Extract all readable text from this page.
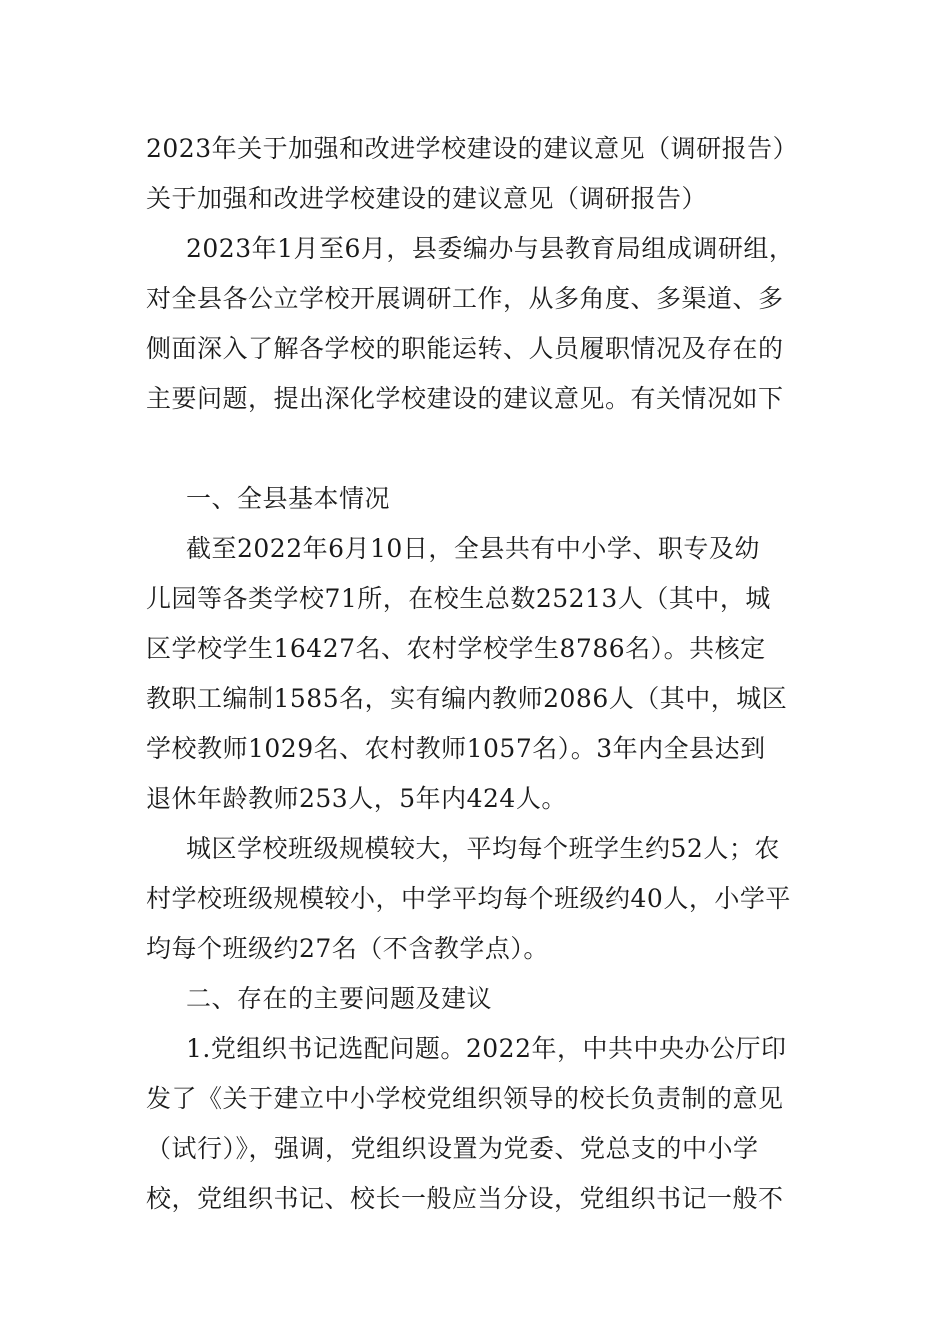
2023年关于加强和改进学校建设的建议意见（调研报告）
关于加强和改进学校建设的建议意见（调研报告）
2023年1月至6月，县委编办与县教育局组成调研组，
对全县各公立学校开展调研工作，从多角度、多渠道、多
侧面深入了解各学校的职能运转、人员履职情况及存在的
主要问题，提出深化学校建设的建议意见。有关情况如下
一、全县基本情况
截至2022年6月10日，全县共有中小学、职专及幼
儿园等各类学校71所，在校生总数25213人（其中，城
区学校学生16427名、农村学校学生8786名）。共核定
教职工编制1585名，实有编内教师2086人（其中，城区
学校教师1029名、农村教师1057名）。3年内全县达到
退休年龄教师253人，5年内424人。
城区学校班级规模较大，平均每个班学生约52人；农
村学校班级规模较小，中学平均每个班级约40人，小学平
均每个班级约27名（不含教学点）。
二、存在的主要问题及建议
1.党组织书记选配问题。2022年，中共中央办公厅印
发了《关于建立中小学校党组织领导的校长负责制的意见
（试行）》，强调，党组织设置为党委、党总支的中小学
校，党组织书记、校长一般应当分设，党组织书记一般不
